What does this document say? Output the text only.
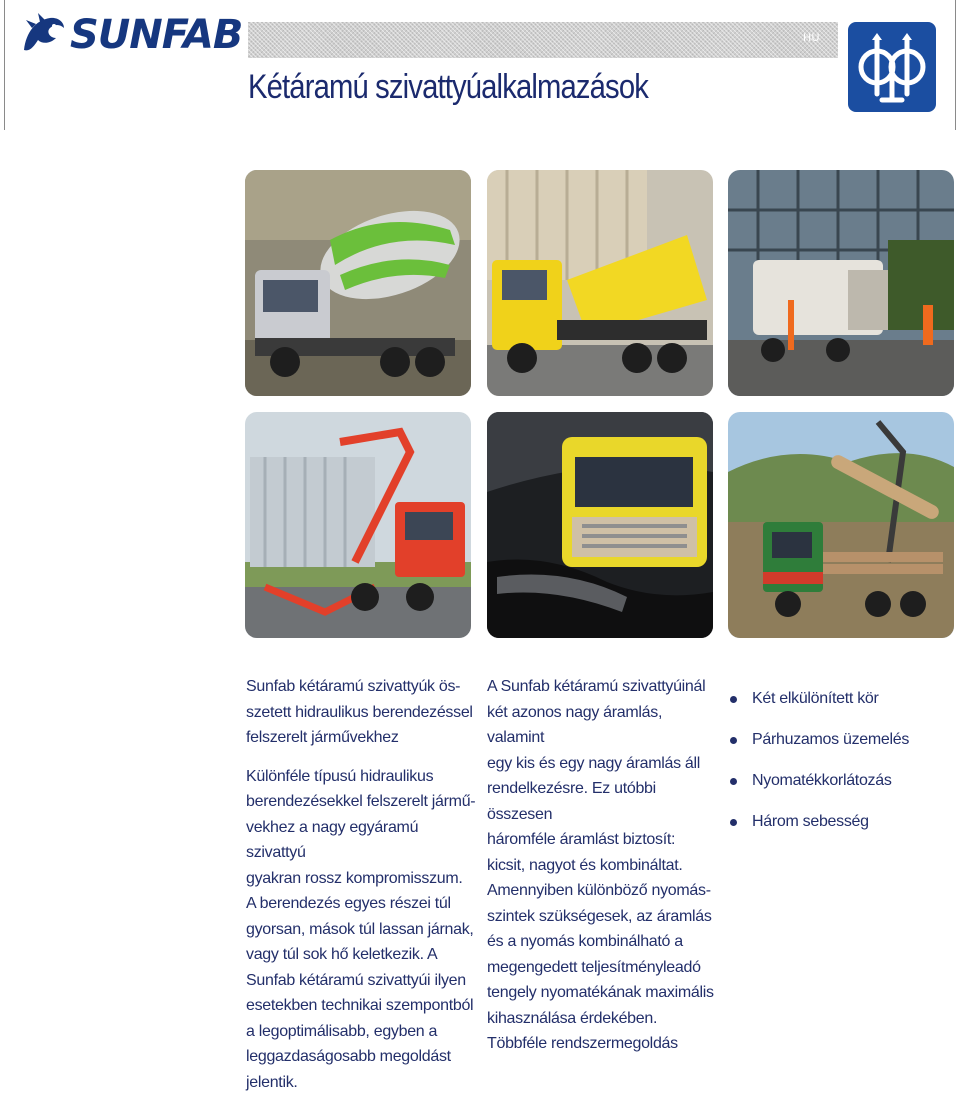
SUNFAB	HU
Kétáramú szivattyúalkalmazások

Sunfab kétáramú szivattyúk ös-
szetett hidraulikus berendezéssel
felszerelt járművekhez

Különféle típusú hidraulikus
berendezésekkel felszerelt jármű-
vekhez a nagy egyáramú szivattyú
gyakran rossz kompromisszum.
A berendezés egyes részei túl
gyorsan, mások túl lassan járnak,
vagy túl sok hő keletkezik. A
Sunfab kétáramú szivattyúi ilyen
esetekben technikai szempontból
a legoptimálisabb, egyben a
leggazdaságosabb megoldást
jelentik.

A Sunfab kétáramú szivattyúinál
két azonos nagy áramlás, valamint
egy kis és egy nagy áramlás áll
rendelkezésre. Ez utóbbi összesen
háromféle áramlást biztosít:
kicsit, nagyot és kombináltat.
Amennyiben különböző nyomás-
szintek szükségesek, az áramlás
és a nyomás kombinálható a
megengedett teljesítményleadó
tengely nyomatékának maximális
kihasználása érdekében.
Többféle rendszermegoldás

Két elkülönített kör
Párhuzamos üzemelés
Nyomatékkorlátozás
Három sebesség
